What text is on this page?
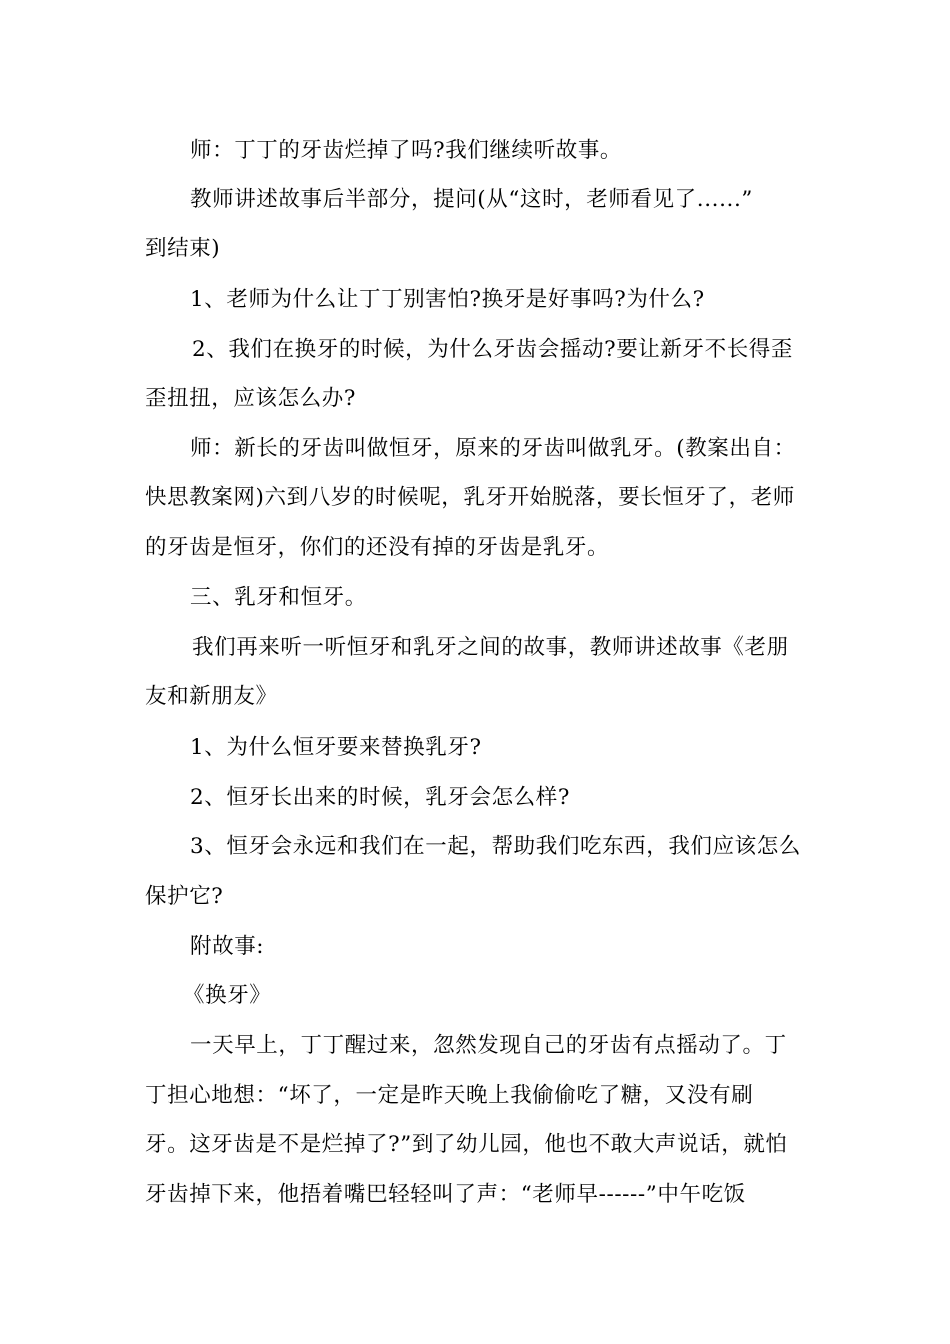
师：丁丁的牙齿烂掉了吗?我们继续听故事。
教师讲述故事后半部分，提问(从“这时，老师看见了......”
到结束)
1、老师为什么让丁丁别害怕?换牙是好事吗?为什么?
2、我们在换牙的时候，为什么牙齿会摇动?要让新牙不长得歪
歪扭扭，应该怎么办?
师：新长的牙齿叫做恒牙，原来的牙齿叫做乳牙。(教案出自：
快思教案网)六到八岁的时候呢，乳牙开始脱落，要长恒牙了，老师
的牙齿是恒牙，你们的还没有掉的牙齿是乳牙。
三、乳牙和恒牙。
我们再来听一听恒牙和乳牙之间的故事，教师讲述故事《老朋
友和新朋友》
1、为什么恒牙要来替换乳牙?
2、恒牙长出来的时候，乳牙会怎么样?
3、恒牙会永远和我们在一起，帮助我们吃东西，我们应该怎么
保护它?
附故事:
《换牙》
一天早上，丁丁醒过来，忽然发现自己的牙齿有点摇动了。丁
丁担心地想：“坏了，一定是昨天晚上我偷偷吃了糖，又没有刷
牙。这牙齿是不是烂掉了?”到了幼儿园，他也不敢大声说话，就怕
牙齿掉下来，他捂着嘴巴轻轻叫了声：“老师早------”中午吃饭
